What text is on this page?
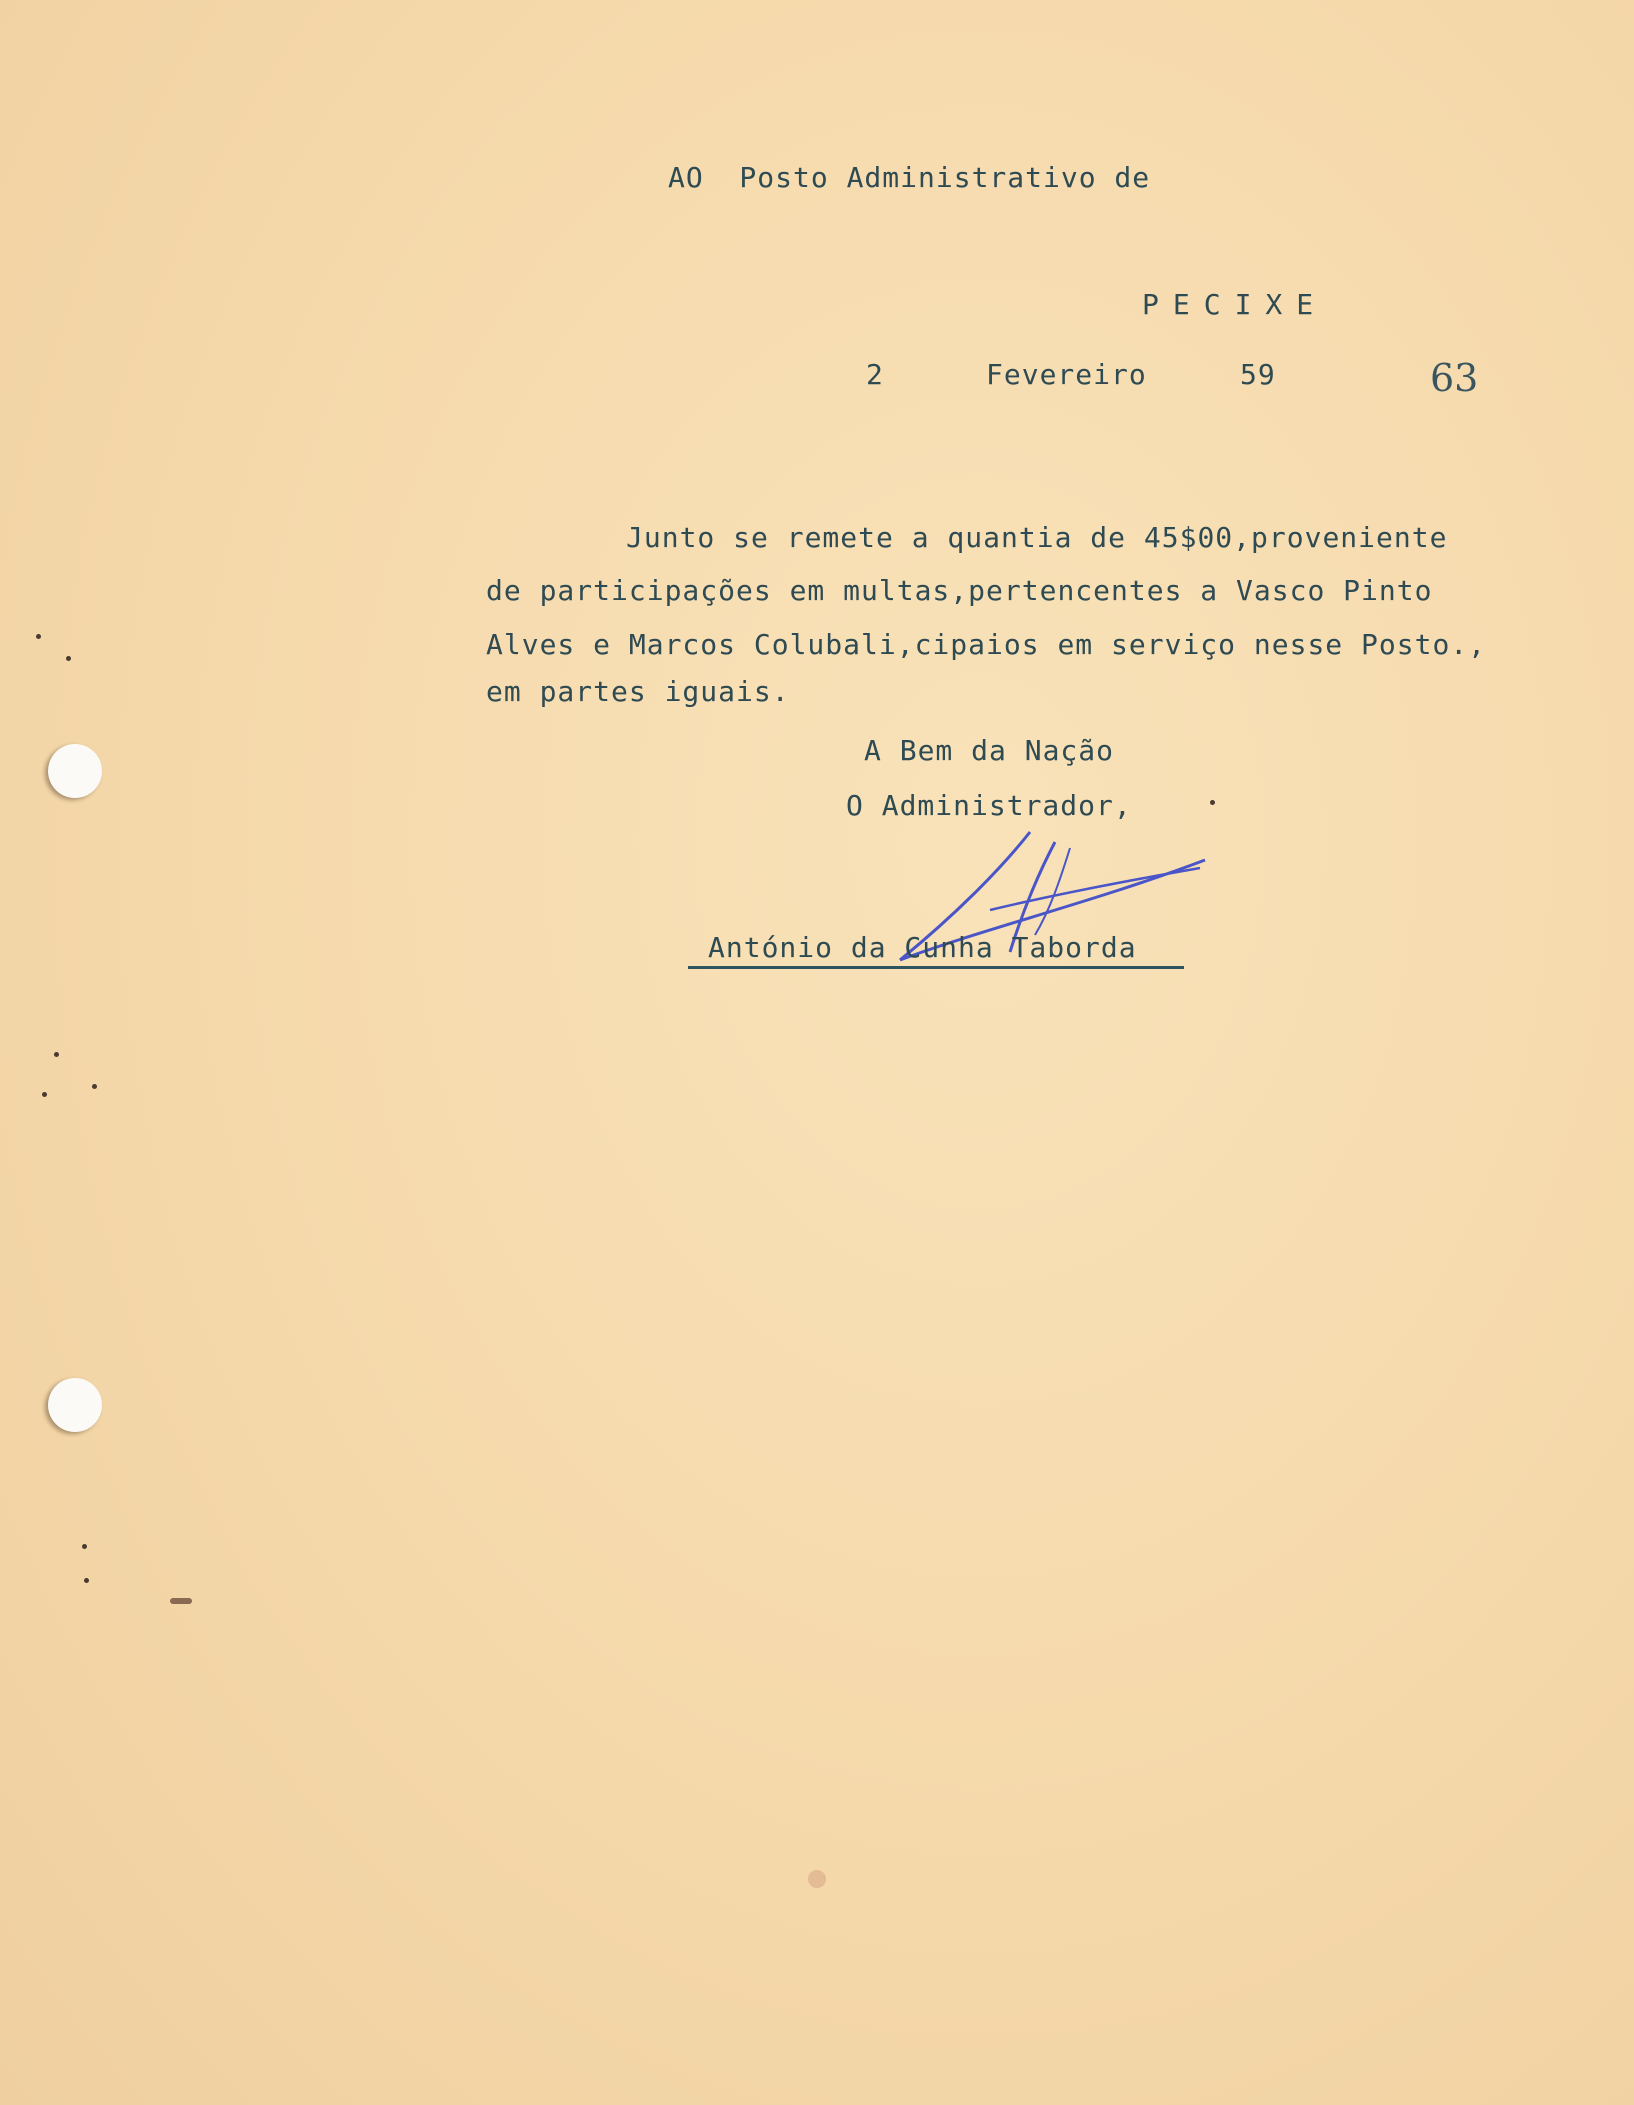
AO  Posto Administrativo de
PECIXE
2	Fevereiro	59	63
Junto se remete a quantia de 45$00,proveniente
de participações em multas,pertencentes a Vasco Pinto
Alves e Marcos Colubali,cipaios em serviço nesse Posto.,
em partes iguais.
A Bem da Nação
O Administrador,
António da Cunha Taborda
